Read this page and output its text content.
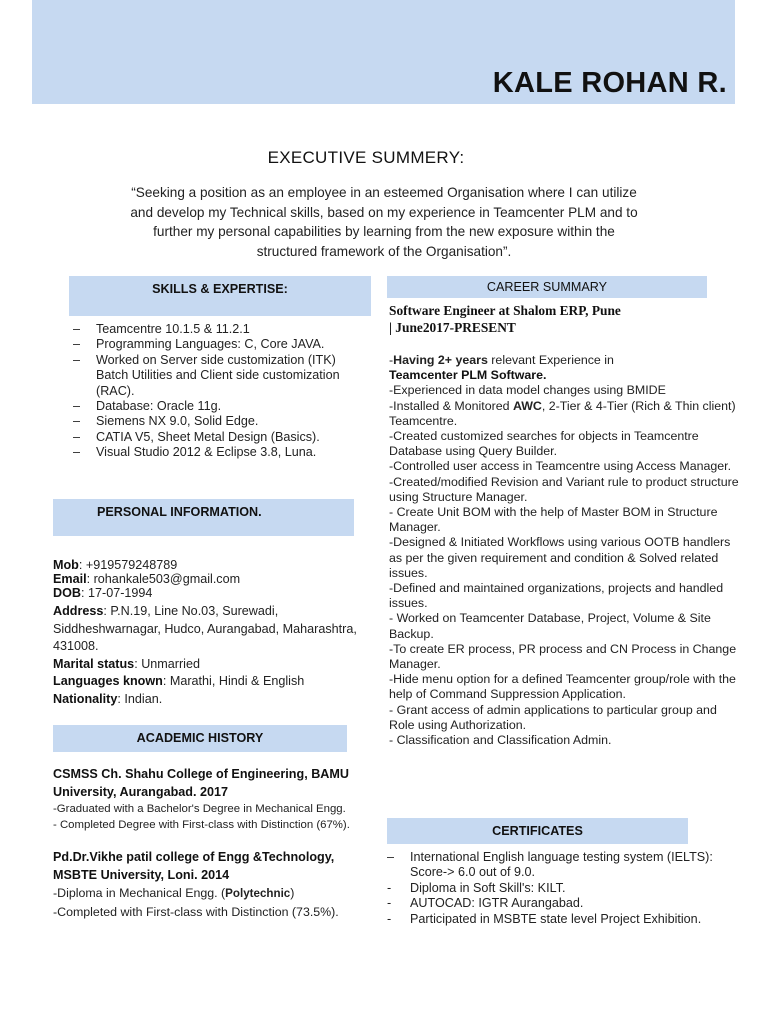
KALE ROHAN R.
EXECUTIVE SUMMERY:
“Seeking a position as an employee in an esteemed Organisation where I can utilize
and develop my Technical skills, based on my experience in Teamcenter PLM and to
further my personal capabilities by learning from the new exposure within the
structured framework of the Organisation”.
SKILLS & EXPERTISE:
– Teamcentre 10.1.5 & 11.2.1
– Programming Languages: C, Core JAVA.
– Worked on Server side customization (ITK) Batch Utilities and Client side customization (RAC).
– Database: Oracle 11g.
– Siemens NX 9.0, Solid Edge.
– CATIA V5, Sheet Metal Design (Basics).
– Visual Studio 2012 & Eclipse 3.8, Luna.
PERSONAL INFORMATION.
Mob: +919579248789
Email: rohankale503@gmail.com
DOB: 17-07-1994
Address: P.N.19, Line No.03, Surewadi, Siddheshwarnagar, Hudco, Aurangabad, Maharashtra, 431008.
Marital status: Unmarried
Languages known: Marathi, Hindi & English
Nationality: Indian.
ACADEMIC HISTORY
CSMSS Ch. Shahu College of Engineering, BAMU University, Aurangabad. 2017
-Graduated with a Bachelor's Degree in Mechanical Engg.
- Completed Degree with First-class with Distinction (67%).
Pd.Dr.Vikhe patil college of Engg &Technology, MSBTE University, Loni. 2014
-Diploma in Mechanical Engg. (Polytechnic)
-Completed with First-class with Distinction (73.5%).
CAREER SUMMARY
Software Engineer at Shalom ERP, Pune
| June2017-PRESENT
-Having 2+ years relevant Experience in
Teamcenter PLM Software.
-Experienced in data model changes using BMIDE
-Installed & Monitored AWC, 2-Tier & 4-Tier (Rich & Thin client) Teamcentre.
-Created customized searches for objects in Teamcentre Database using Query Builder.
-Controlled user access in Teamcentre using Access Manager.
-Created/modified Revision and Variant rule to product structure using Structure Manager.
- Create Unit BOM with the help of Master BOM in Structure Manager.
-Designed & Initiated Workflows using various OOTB handlers as per the given requirement and condition & Solved related issues.
-Defined and maintained organizations, projects and handled issues.
- Worked on Teamcenter Database, Project, Volume & Site Backup.
-To create ER process, PR process and CN Process in Change Manager.
-Hide menu option for a defined Teamcenter group/role with the help of Command Suppression Application.
- Grant access of admin applications to particular group and Role using Authorization.
- Classification and Classification Admin.
CERTIFICATES
– International English language testing system (IELTS): Score-> 6.0 out of 9.0.
- Diploma in Soft Skill's: KILT.
- AUTOCAD: IGTR Aurangabad.
- Participated in MSBTE state level Project Exhibition.
